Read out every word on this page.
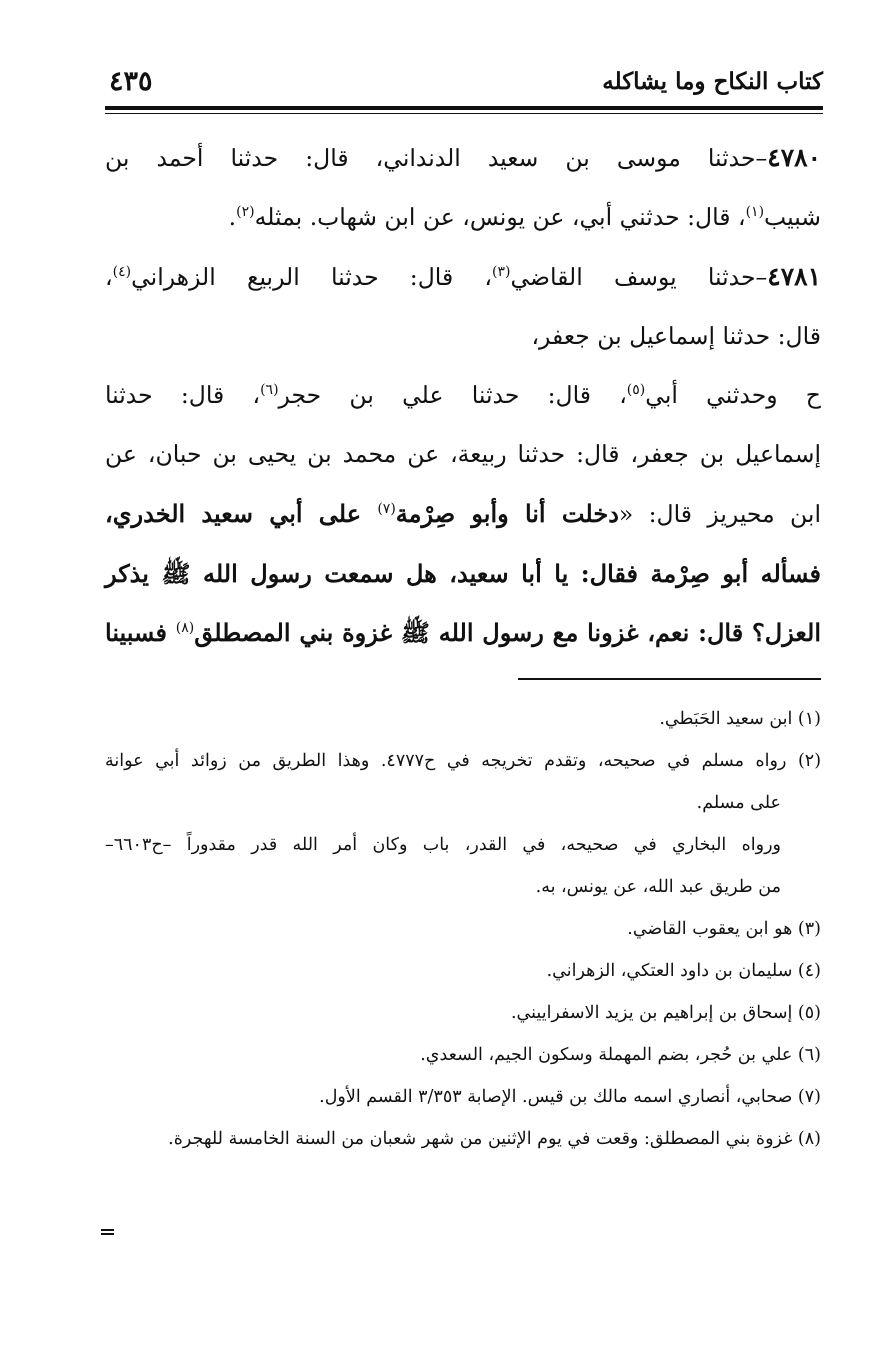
٤٣٥	كتاب النكاح وما يشاكله
٤٧٨٠–حدثنا موسى بن سعيد الدنداني، قال: حدثنا أحمد بن
شبيب$^{(١)}$، قال: حدثني أبي، عن يونس، عن ابن شهاب. بمثله$^{(٢)}$.
٤٧٨١–حدثنا يوسف القاضي$^{(٣)}$، قال: حدثنا الربيع الزهراني$^{(٤)}$،
قال: حدثنا إسماعيل بن جعفر،
ح وحدثني أبي$^{(٥)}$، قال: حدثنا علي بن حجر$^{(٦)}$، قال: حدثنا
إسماعيل بن جعفر، قال: حدثنا ربيعة، عن محمد بن يحيى بن حبان، عن
ابن محيريز قال: «دخلت أنا وأبو صِرْمة$^{(٧)}$ على أبي سعيد الخدري،
فسأله أبو صِرْمة فقال: يا أبا سعيد، هل سمعت رسول الله ﷺ يذكر
العزل؟ قال: نعم، غزونا مع رسول الله ﷺ غزوة بني المصطلق$^{(٨)}$ فسبينا
(١) ابن سعيد الحَبَطي.
(٢) رواه مسلم في صحيحه، وتقدم تخريجه في ح٤٧٧٧. وهذا الطريق من زوائد أبي عوانة
على مسلم.
ورواه البخاري في صحيحه، في القدر، باب وكان أمر الله قدر مقدوراً –ح٦٦٠٣–
من طريق عبد الله، عن يونس، به.
(٣) هو ابن يعقوب القاضي.
(٤) سليمان بن داود العتكي، الزهراني.
(٥) إسحاق بن إبراهيم بن يزيد الاسفراييني.
(٦) علي بن حُجر، بضم المهملة وسكون الجيم، السعدي.
(٧) صحابي، أنصاري اسمه مالك بن قيس. الإصابة ٣/٣٥٣ القسم الأول.
(٨) غزوة بني المصطلق: وقعت في يوم الإثنين من شهر شعبان من السنة الخامسة للهجرة.
